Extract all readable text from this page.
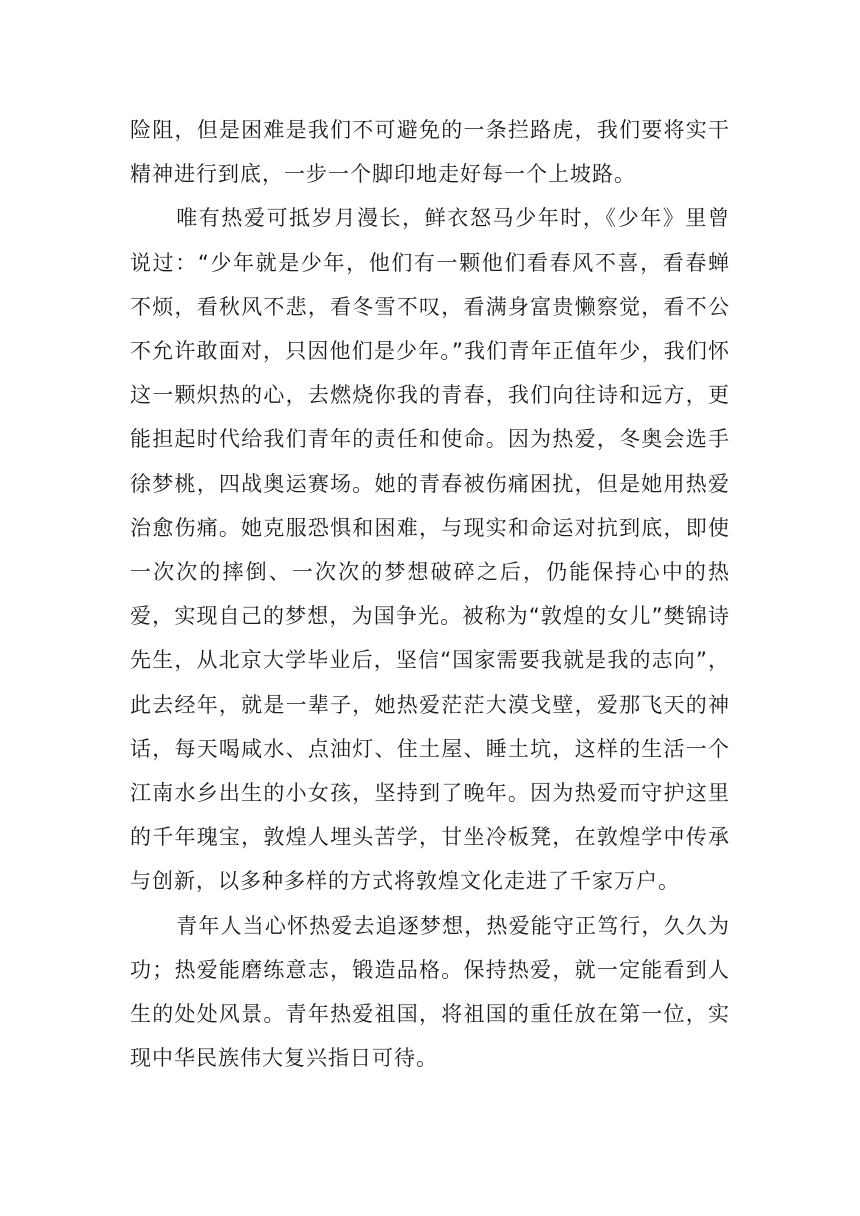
险阻，但是困难是我们不可避免的一条拦路虎，我们要将实干精神进行到底，一步一个脚印地走好每一个上坡路。

唯有热爱可抵岁月漫长，鲜衣怒马少年时，《少年》里曾说过：“少年就是少年，他们有一颗他们看春风不喜，看春蝉不烦，看秋风不悲，看冬雪不叹，看满身富贵懒察觉，看不公不允许敢面对，只因他们是少年。”我们青年正值年少，我们怀这一颗炽热的心，去燃烧你我的青春，我们向往诗和远方，更能担起时代给我们青年的责任和使命。因为热爱，冬奥会选手徐梦桃，四战奥运赛场。她的青春被伤痛困扰，但是她用热爱治愈伤痛。她克服恐惧和困难，与现实和命运对抗到底，即使一次次的摔倒、一次次的梦想破碎之后，仍能保持心中的热爱，实现自己的梦想，为国争光。被称为“敦煌的女儿”樊锦诗先生，从北京大学毕业后，坚信“国家需要我就是我的志向”，此去经年，就是一辈子，她热爱茫茫大漠戈壁，爱那飞天的神话，每天喝咸水、点油灯、住土屋、睡土坑，这样的生活一个江南水乡出生的小女孩，坚持到了晚年。因为热爱而守护这里的千年瑰宝，敦煌人埋头苦学，甘坐冷板凳，在敦煌学中传承与创新，以多种多样的方式将敦煌文化走进了千家万户。

青年人当心怀热爱去追逐梦想，热爱能守正笃行，久久为功；热爱能磨练意志，锻造品格。保持热爱，就一定能看到人生的处处风景。青年热爱祖国，将祖国的重任放在第一位，实现中华民族伟大复兴指日可待。
